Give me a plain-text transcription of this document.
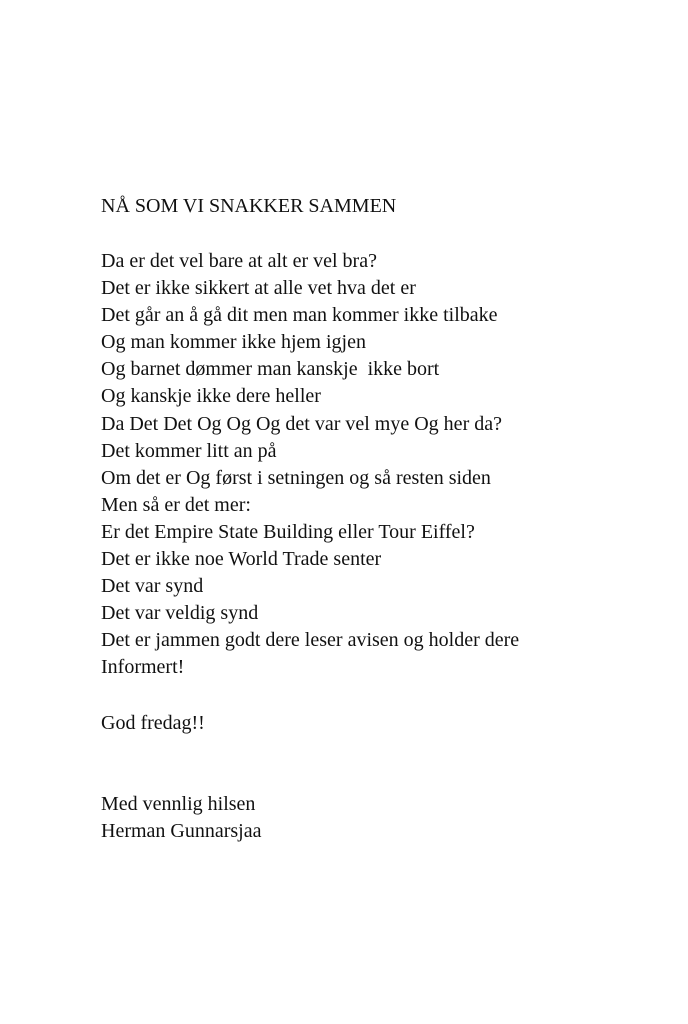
NÅ SOM VI SNAKKER SAMMEN
Da er det vel bare at alt er vel bra?
Det er ikke sikkert at alle vet hva det er
Det går an å gå dit men man kommer ikke tilbake
Og man kommer ikke hjem igjen
Og barnet dømmer man kanskje  ikke bort
Og kanskje ikke dere heller
Da Det Det Og Og Og det var vel mye Og her da?
Det kommer litt an på
Om det er Og først i setningen og så resten siden
Men så er det mer:
Er det Empire State Building eller Tour Eiffel?
Det er ikke noe World Trade senter
Det var synd
Det var veldig synd
Det er jammen godt dere leser avisen og holder dere
Informert!

God fredag!!

Med vennlig hilsen
Herman Gunnarsjaa
